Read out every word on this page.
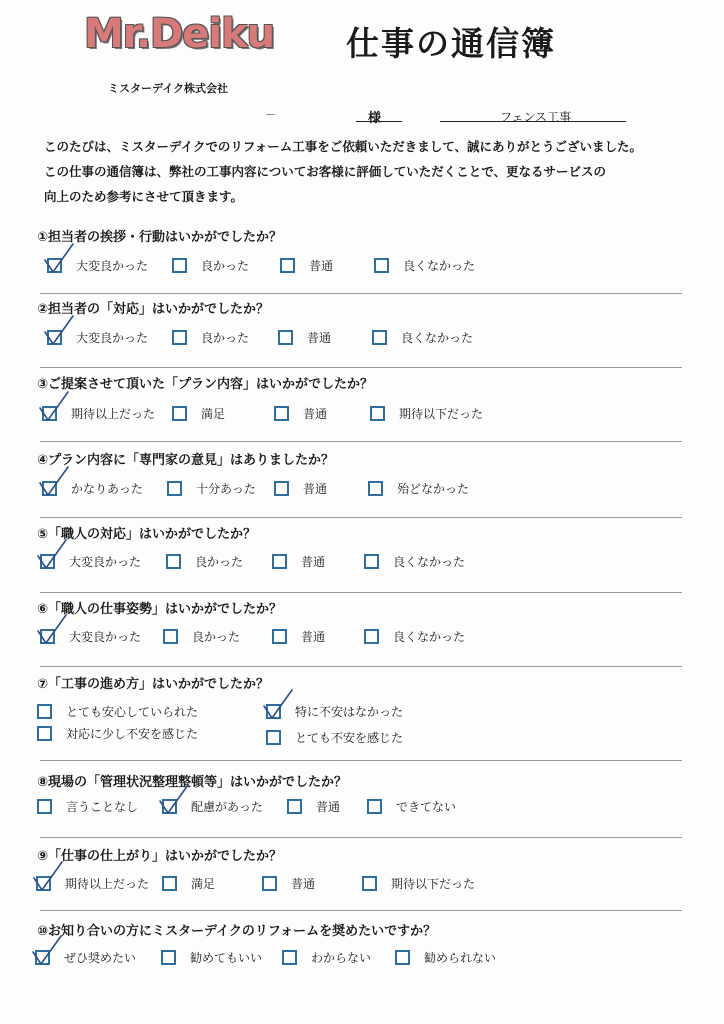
Mr.Deiku 仕事の通信簿
ミスターデイク株式会社
－	様	フェンス工事
このたびは、ミスターデイクでのリフォーム工事をご依頼いただきまして、誠にありがとうございました。
この仕事の通信簿は、弊社の工事内容についてお客様に評価していただくことで、更なるサービスの
向上のため参考にさせて頂きます。
①担当者の挨拶・行動はいかがでしたか？
大変良かった	良かった	普通	良くなかった
②担当者の「対応」はいかがでしたか？
大変良かった	良かった	普通	良くなかった
③ご提案させて頂いた「プラン内容」はいかがでしたか？
期待以上だった	満足	普通	期待以下だった
④プラン内容に「専門家の意見」はありましたか？
かなりあった	十分あった	普通	殆どなかった
⑤「職人の対応」はいかがでしたか？
大変良かった	良かった	普通	良くなかった
⑥「職人の仕事姿勢」はいかがでしたか？
大変良かった	良かった	普通	良くなかった
⑦「工事の進め方」はいかがでしたか？
とても安心していられた	特に不安はなかった
対応に少し不安を感じた	とても不安を感じた
⑧現場の「管理状況整理整頓等」はいかがでしたか？
言うことなし	配慮があった	普通	できてない
⑨「仕事の仕上がり」はいかがでしたか？
期待以上だった	満足	普通	期待以下だった
⑩お知り合いの方にミスターデイクのリフォームを奨めたいですか？
ぜひ奨めたい	勧めてもいい	わからない	勧められない
